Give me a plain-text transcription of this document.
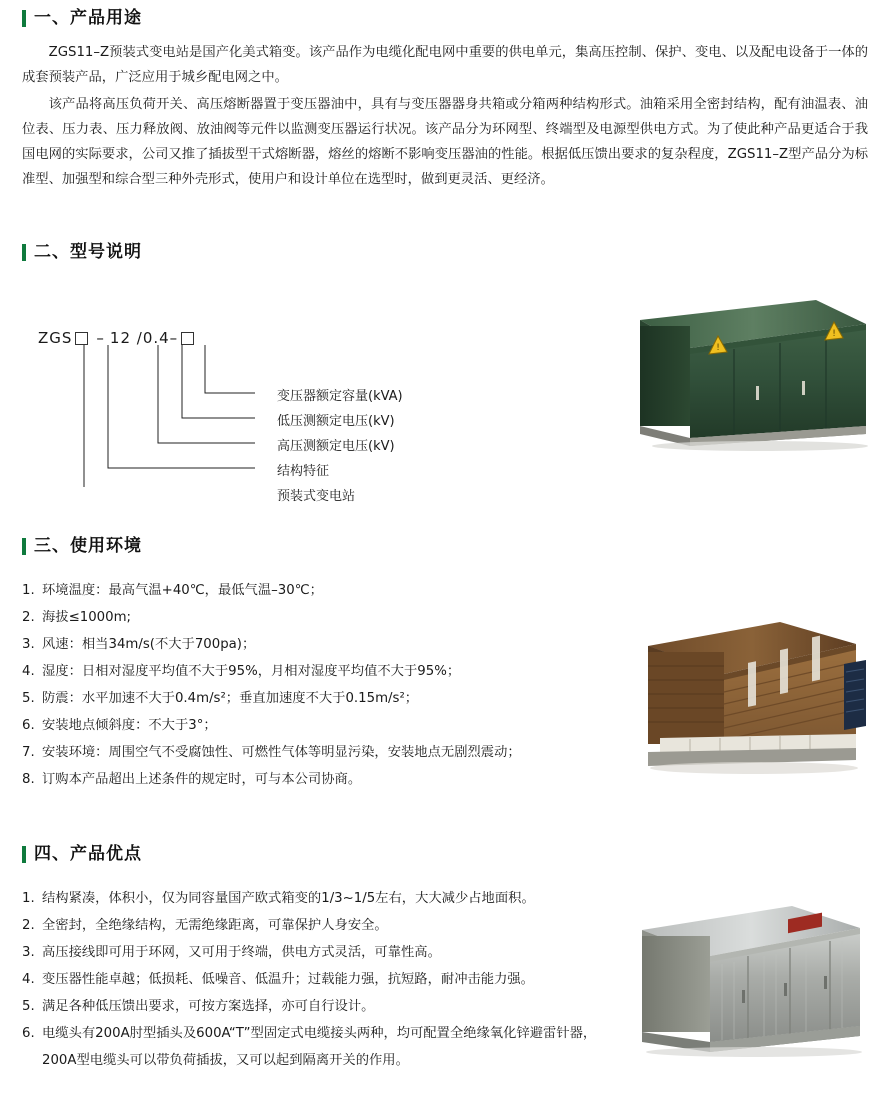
一、产品用途

ZGS11–Z预装式变电站是国产化美式箱变。该产品作为电缆化配电网中重要的供电单元，集高压控制、保护、变电、以及配电设备于一体的成套预装产品，广泛应用于城乡配电网之中。

该产品将高压负荷开关、高压熔断器置于变压器油中，具有与变压器器身共箱或分箱两种结构形式。油箱采用全密封结构，配有油温表、油位表、压力表、压力释放阀、放油阀等元件以监测变压器运行状况。该产品分为环网型、终端型及电源型供电方式。为了使此种产品更适合于我国电网的实际要求，公司又推了插拔型干式熔断器，熔丝的熔断不影响变压器油的性能。根据低压馈出要求的复杂程度，ZGS11–Z型产品分为标准型、加强型和综合型三种外壳形式，使用户和设计单位在选型时，做到更灵活、更经济。

二、型号说明
ZGS – 12 /0.4–
变压器额定容量(kVA)
低压测额定电压(kV)
高压测额定电压(kV)
结构特征
预装式变电站
三、使用环境
1. 环境温度：最高气温+40℃，最低气温–30℃；
2. 海拔≤1000m;
3. 风速：相当34m/s(不大于700pa)；
4. 湿度：日相对湿度平均值不大于95%，月相对湿度平均值不大于95%；
5. 防震：水平加速不大于0.4m/s²；垂直加速度不大于0.15m/s²；
6. 安装地点倾斜度：不大于3°；
7. 安装环境：周围空气不受腐蚀性、可燃性气体等明显污染，安装地点无剧烈震动；
8. 订购本产品超出上述条件的规定时，可与本公司协商。
四、产品优点
1. 结构紧凑，体积小，仅为同容量国产欧式箱变的1/3~1/5左右，大大减少占地面积。
2. 全密封，全绝缘结构，无需绝缘距离，可靠保护人身安全。
3. 高压接线即可用于环网，又可用于终端，供电方式灵活，可靠性高。
4. 变压器性能卓越；低损耗、低噪音、低温升；过载能力强，抗短路，耐冲击能力强。
5. 满足各种低压馈出要求，可按方案选择，亦可自行设计。
6. 电缆头有200A肘型插头及600A“T”型固定式电缆接头两种，均可配置全绝缘氧化锌避雷针器，200A型电缆头可以带负荷插拔，又可以起到隔离开关的作用。
!
!
